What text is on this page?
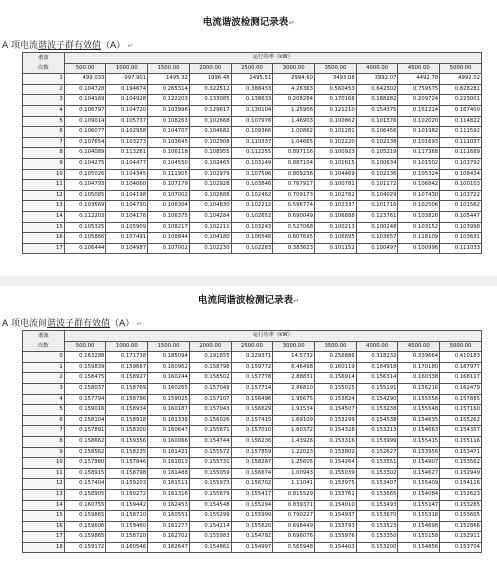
电流谐波检测记录表↵
A 项电流谐波子群有效值（A） ↵
谐波
次数	运行功率（kW）									
	500.00	1000.00	1500.00	2000.00	2500.00	3000.00	3500.00	4000.00	4500.00	5000.00
1	499.033	997.901	1495.32	1996.48	2495.51	2994.60	3493.08	3992.07	4492.78	4992.02
2	0.104728	0.194674	0.265314	0.322512	0.388433	4.26363	0.560453	0.642302	0.759575	0.828281
3	0.104169	0.104928	0.122203	0.133085	0.138633	0.208284	0.170168	0.188282	0.209724	0.223001
4	0.106797	0.104720	0.103996	0.129617	0.130104	1.25906	0.121210	0.154375	0.161214	0.167400
5	0.109014	0.105737	0.108263	0.102668	0.107976	1.46903	0.100862	0.101376	0.102020	0.114822
6	0.106077	0.102958	0.104707	0.104682	0.109366	1.00862	0.101281	0.106456	0.101982	0.111592
7	0.107654	0.103273	0.103645	0.102908	0.110337	1.04665	0.102220	0.102138	0.101693	0.111037
8	0.104089	0.113261	0.106118	0.108955	0.112255	0.897116	0.100923	0.105219	0.117368	0.111689
9	0.104275	0.104477	0.104550	0.102465	0.103149	0.887104	0.101615	0.100634	0.101502	0.103792
10	0.105026	0.104345	0.111905	0.102979	0.107596	0.809236	0.104469	0.102136	0.105324	0.108434
11	0.104793	0.104060	0.107179	0.102928	0.103846	0.767917	0.100781	0.101172	0.106842	0.100103
12	0.105085	0.104198	0.107002	0.102688	0.102462	0.709173	0.102782	0.104029	0.107430	0.103722
13	0.103569	0.104730	0.106304	0.104830	0.102212	0.596774	0.102337	0.101716	0.102506	0.101562
14	0.112203	0.104176	0.106375	0.104284	0.102652	0.690049	0.106888	0.123761	0.103826	0.105447
15	0.105325	0.105909	0.108217	0.102211	0.103243	0.527068	0.100213	0.100248	0.103152	0.103998
16	0.105866	0.107491	0.108844	0.104180	0.106548	0.607695	0.106895	0.103657	0.118109	0.103631
17	0.106444	0.104987	0.107002	0.102230	0.102283	0.383623	0.101152	0.100497	0.100996	0.111033
电流间谐波检测记录表↵
A 项电流间谐波子群有效值（A） ↵
谐波
次数	运行功率（kW）									
	500.00	1000.00	1500.00	2000.00	2500.00	3000.00	3500.00	4000.00	4500.00	5000.00
0	0.163288	0.171738	0.185094	0.191655	0.229371	14.5732	0.256886	0.318232	0.339664	0.410183
1	0.159839	0.159667	0.160962	0.158798	0.159772	6.46498	0.160119	0.164918	0.170180	0.187977
2	0.158475	0.158927	0.160244	0.158502	0.157778	2.88831	0.156914	0.156314	0.160338	0.168117
3	0.158037	0.158769	0.160265	0.157049	0.157714	2.86810	0.155025	0.155191	0.156216	0.162479
4	0.157794	0.158786	0.159025	0.157107	0.156496	1.95675	0.153824	0.154290	0.155556	0.157885
5	0.159016	0.158934	0.160187	0.157043	0.156629	1.91534	0.154507	0.153238	0.155548	0.157160
6	0.158104	0.158918	0.161338	0.156026	0.157415	1.69109	0.153299	0.154538	0.154635	0.155262
7	0.157891	0.158300	0.160647	0.155671	0.157010	1.60372	0.154328	0.153213	0.154663	0.154357
8	0.158662	0.159356	0.160066	0.154744	0.156236	1.43926	0.153316	0.153999	0.155415	0.155116
9	0.158562	0.158235	0.161421	0.155572	0.157859	1.22023	0.153802	0.152627	0.153956	0.153471
10	0.157980	0.157846	0.161813	0.155731	0.158287	1.25605	0.154264	0.153551	0.154907	0.153562
11	0.158915	0.158798	0.161488	0.155059	0.156674	1.00943	0.155039	0.153302	0.154627	0.152949
12	0.157404	0.159203	0.161511	0.155973	0.156702	1.11041	0.153975	0.153407	0.155409	0.154116
13	0.158905	0.160272	0.161316	0.155679	0.155417	0.815529	0.153761	0.153665	0.154084	0.152623
14	0.160755	0.159442	0.162453	0.154548	0.155294	0.839371	0.154010	0.153493	0.155147	0.153285
15	0.159865	0.158710	0.160551	0.155299	0.155999	0.790227	0.154937	0.153670	0.155318	0.153605
16	0.159606	0.159460	0.161277	0.154214	0.155620	0.698449	0.153793	0.153523	0.154698	0.152866
17	0.159865	0.158720	0.162702	0.155983	0.154792	0.696076	0.155976	0.153350	0.155158	0.152911
18	0.159172	0.160546	0.162647	0.154861	0.154997	0.565948	0.154403	0.153200	0.154856	0.153704
